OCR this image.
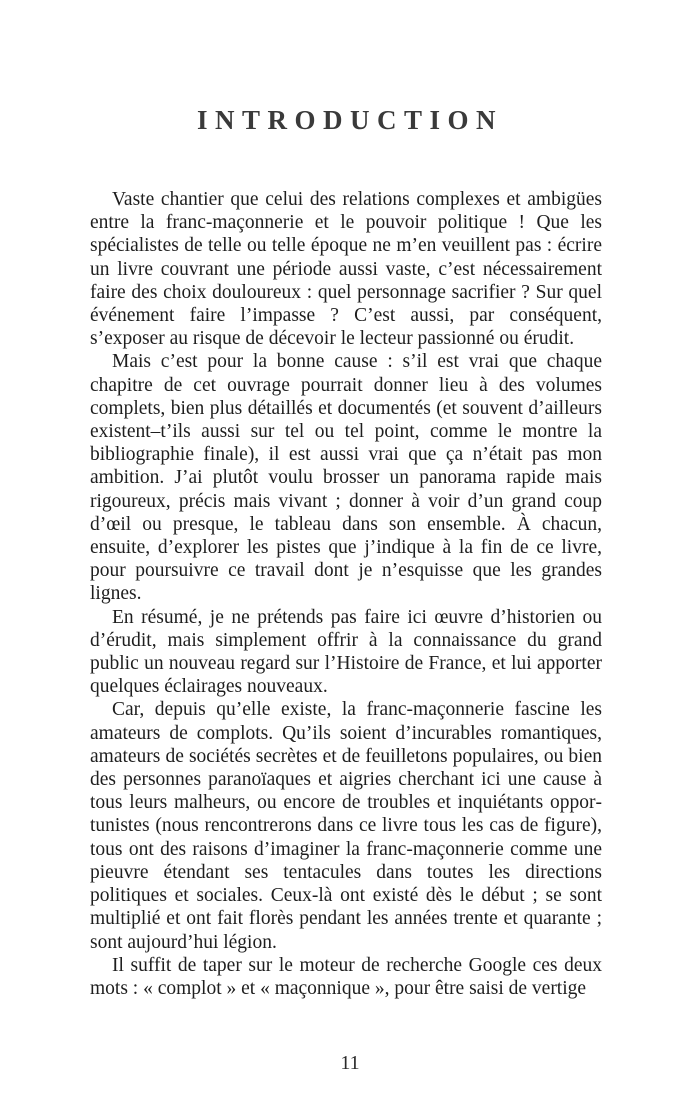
INTRODUCTION

Vaste chantier que celui des relations complexes et ambigües entre la franc-maçonnerie et le pouvoir politique ! Que les spécialistes de telle ou telle époque ne m’en veuillent pas : écrire un livre couvrant une période aussi vaste, c’est nécessairement faire des choix douloureux : quel personnage sacrifier ? Sur quel événement faire l’impasse ? C’est aussi, par conséquent, s’exposer au risque de décevoir le lecteur passionné ou érudit.

Mais c’est pour la bonne cause : s’il est vrai que chaque chapitre de cet ouvrage pourrait donner lieu à des volumes complets, bien plus détaillés et documentés (et souvent d’ailleurs existent–t’ils aussi sur tel ou tel point, comme le montre la bibliographie finale), il est aussi vrai que ça n’était pas mon ambition. J’ai plutôt voulu brosser un panorama rapide mais rigoureux, précis mais vivant ; donner à voir d’un grand coup d’œil ou presque, le tableau dans son ensemble. À chacun, ensuite, d’explorer les pistes que j’indique à la fin de ce livre, pour poursuivre ce travail dont je n’esquisse que les grandes lignes.

En résumé, je ne prétends pas faire ici œuvre d’historien ou d’érudit, mais simplement offrir à la connaissance du grand public un nouveau regard sur l’Histoire de France, et lui apporter quelques éclairages nouveaux.

Car, depuis qu’elle existe, la franc-maçonnerie fascine les amateurs de complots. Qu’ils soient d’incurables romantiques, amateurs de sociétés secrètes et de feuilletons populaires, ou bien des personnes paranoïaques et aigries cherchant ici une cause à tous leurs malheurs, ou encore de troubles et inquiétants opportunistes (nous rencontrerons dans ce livre tous les cas de figure), tous ont des raisons d’imaginer la franc-maçonnerie comme une pieuvre étendant ses tentacules dans toutes les directions politiques et sociales. Ceux-là ont existé dès le début ; se sont multiplié et ont fait florès pendant les années trente et quarante ; sont aujourd’hui légion.

Il suffit de taper sur le moteur de recherche Google ces deux mots : « complot » et « maçonnique », pour être saisi de vertige

11
